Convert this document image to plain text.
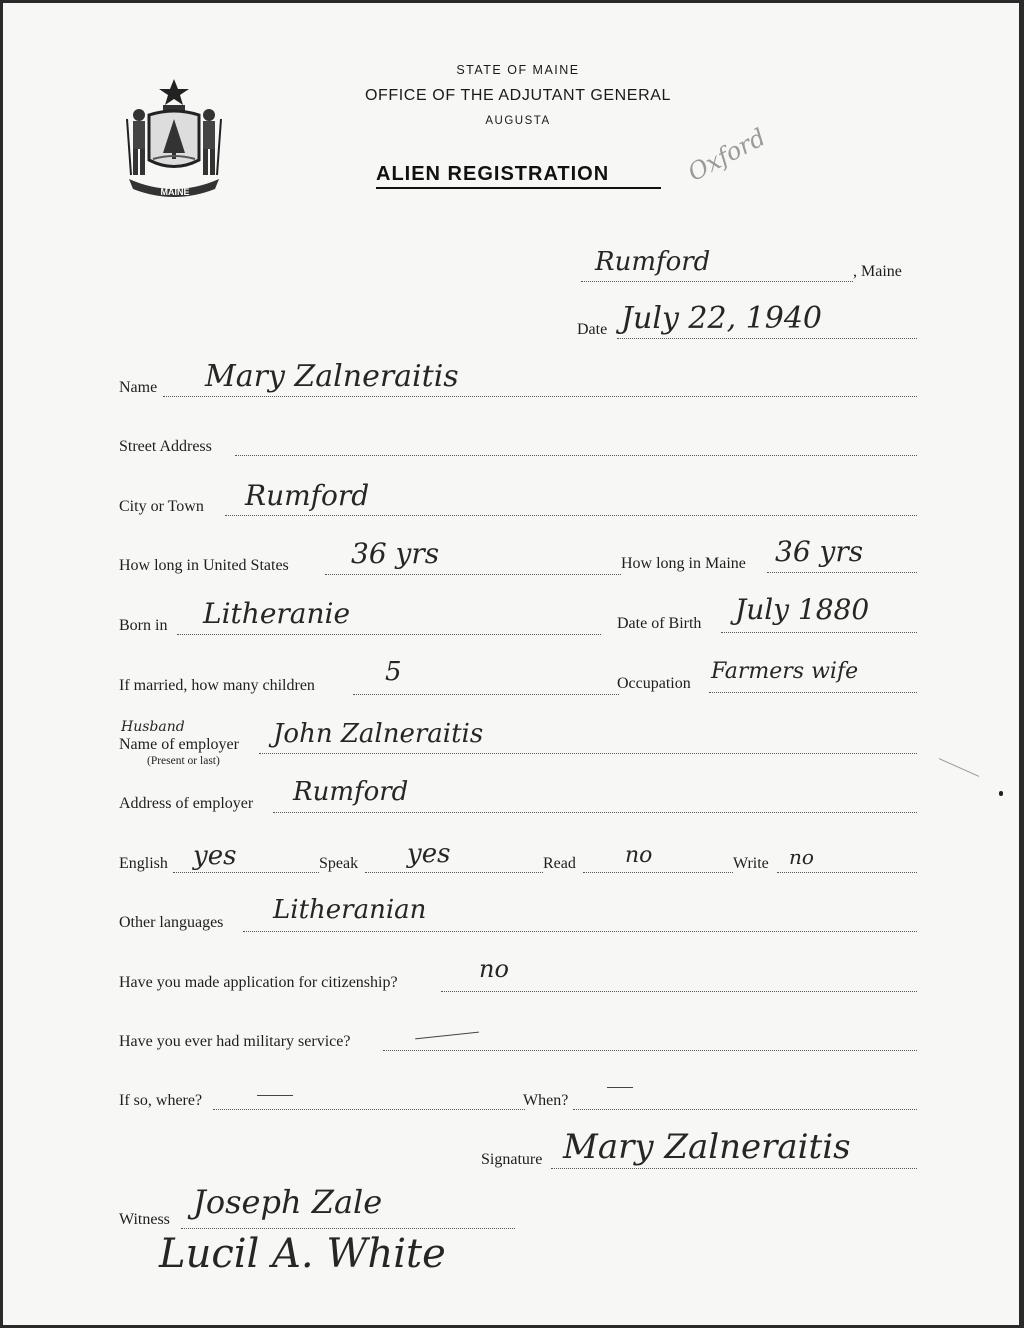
MAINE
STATE OF MAINE
OFFICE OF THE ADJUTANT GENERAL
AUGUSTA
ALIEN REGISTRATION	Oxford
Rumford	, Maine
Date July 22, 1940
Name Mary Zalneraitis
Street Address
City or Town Rumford
How long in United States 36 yrs	How long in Maine 36 yrs
Born in Litheranie	Date of Birth July 1880
If married, how many children	5	Occupation Farmers wife
Husband
Name of employer
(Present or last)
John Zalneraitis
Address of employer Rumford
English yes	Speak yes	Read no	Write no
Other languages Litheranian
Have you made application for citizenship?	no
Have you ever had military service?
If so, where?	When?
Signature Mary Zalneraitis
Witness Joseph Zale
Lucil A. White
